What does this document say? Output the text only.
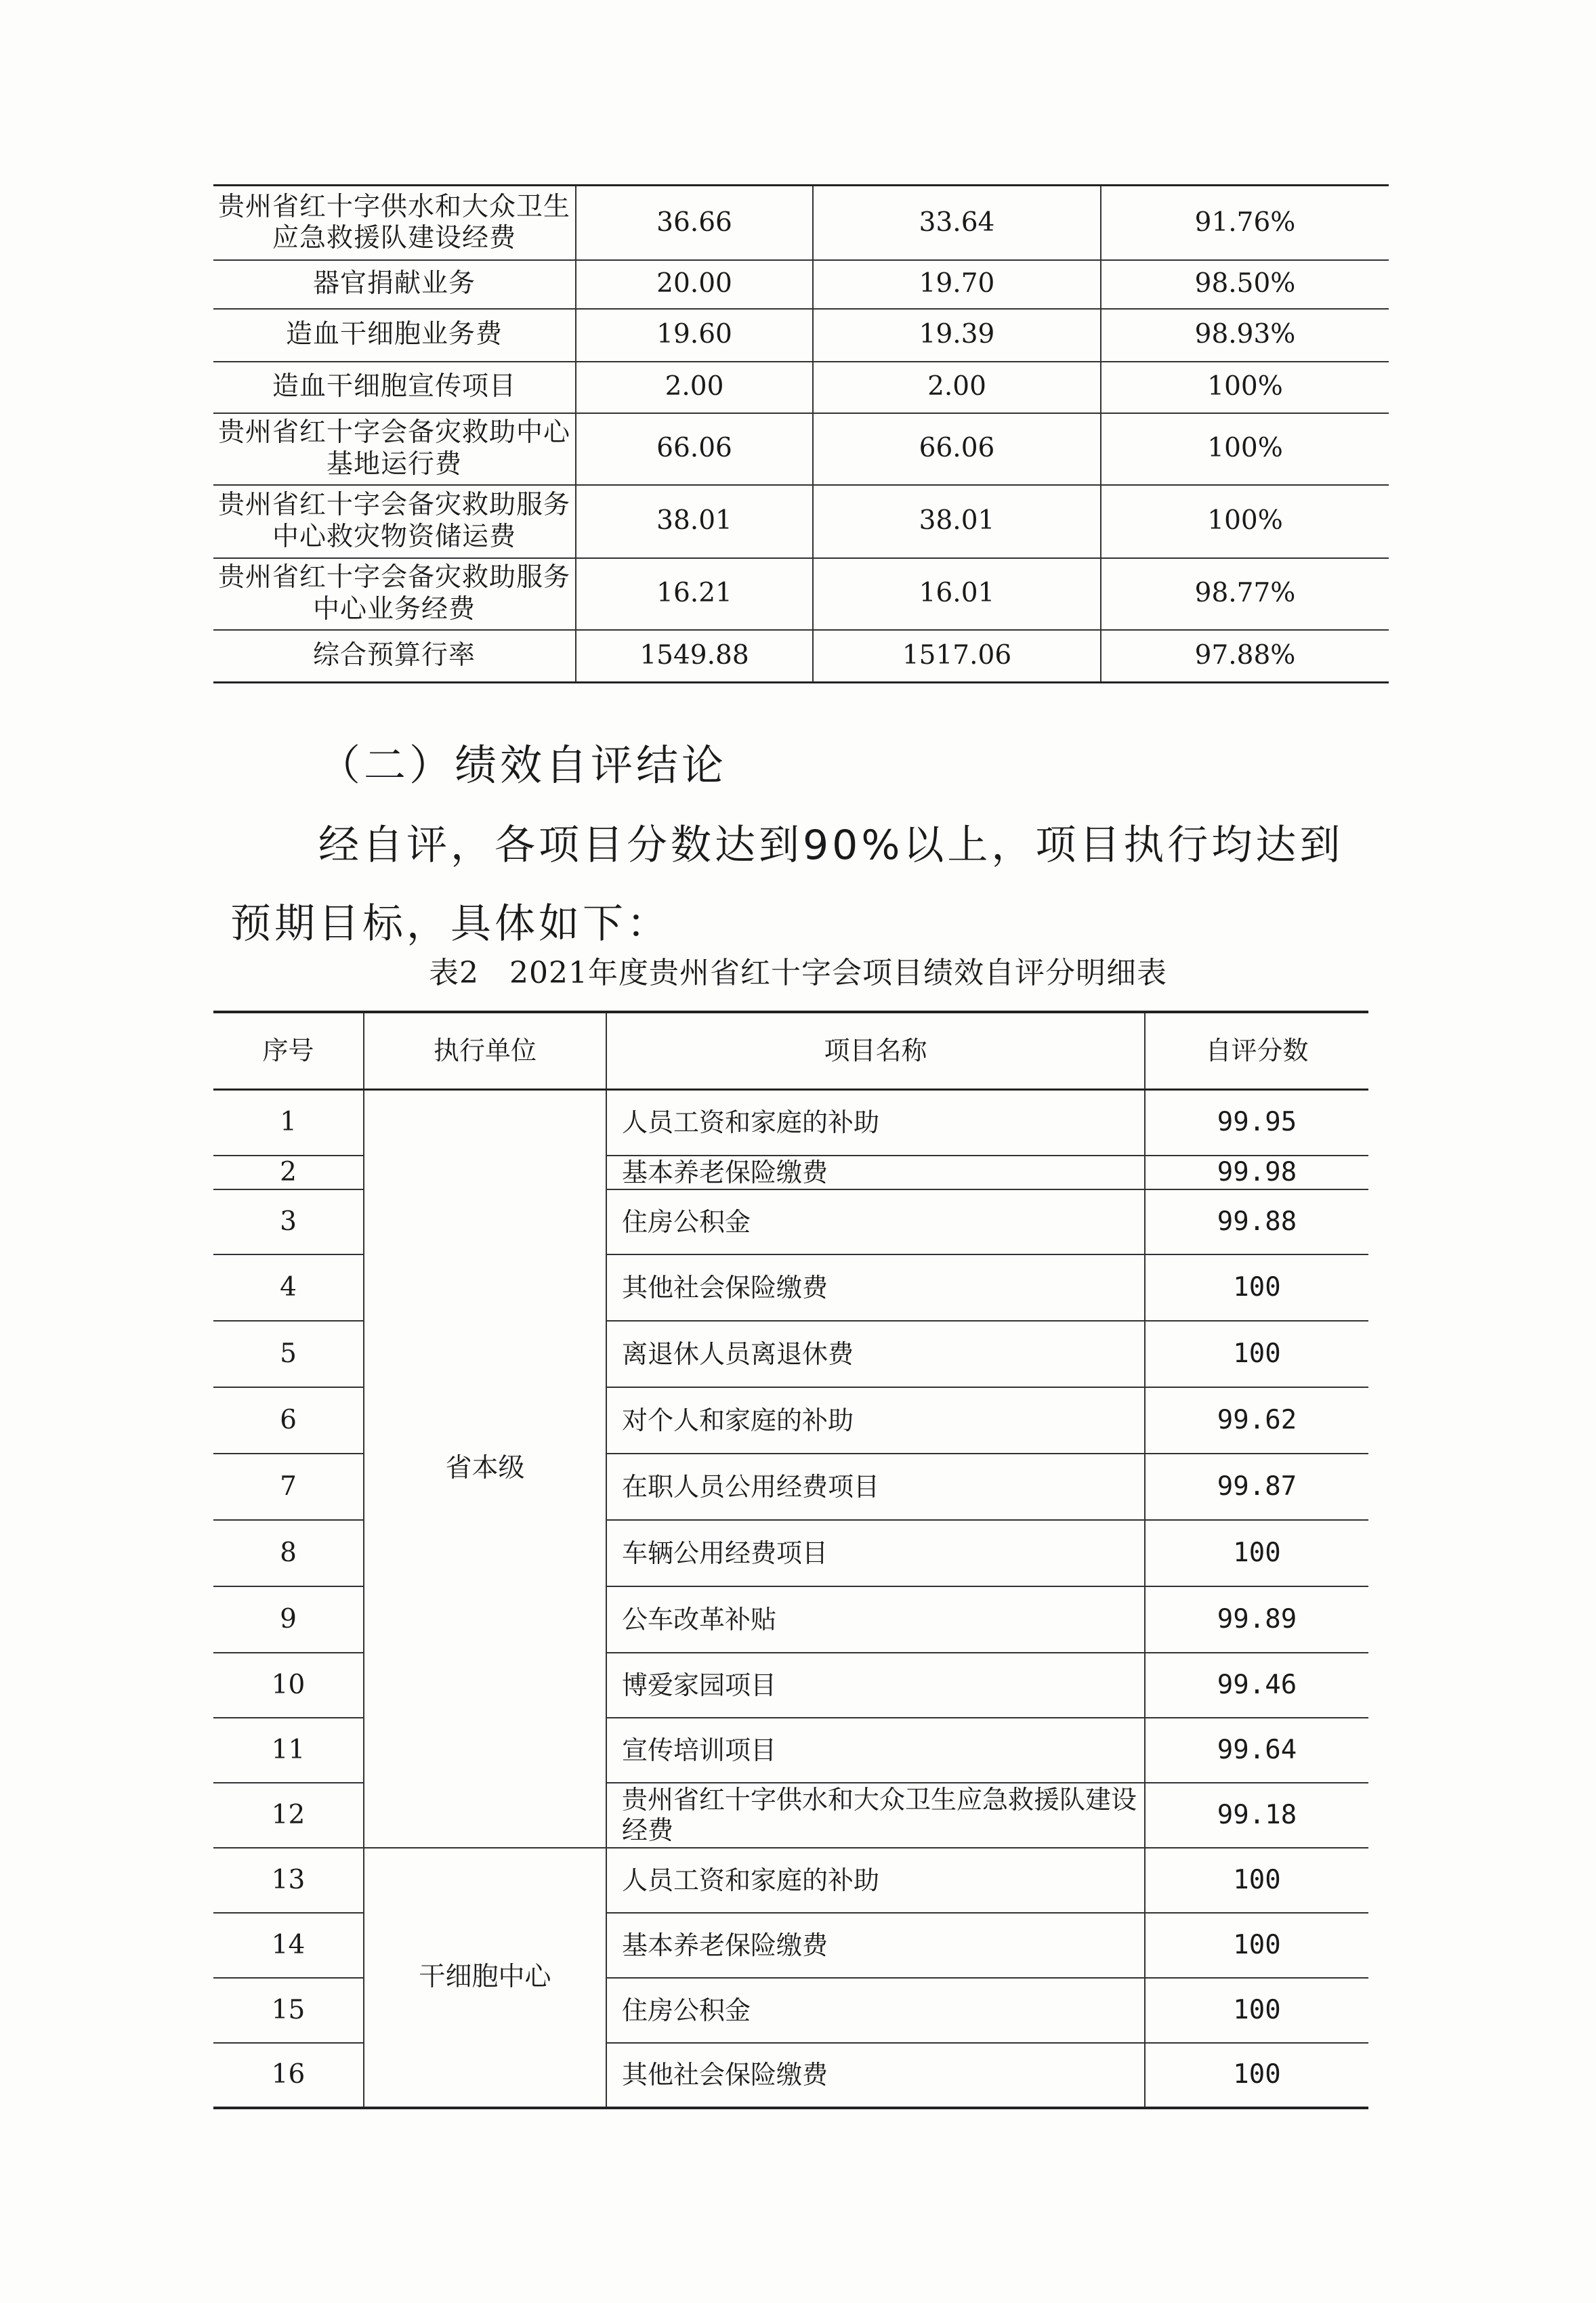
贵州省红十字供水和大众卫生应急救援队建设经费	36.66	33.64	91.76%
器官捐献业务	20.00	19.70	98.50%
造血干细胞业务费	19.60	19.39	98.93%
造血干细胞宣传项目	2.00	2.00	100%
贵州省红十字会备灾救助中心基地运行费	66.06	66.06	100%
贵州省红十字会备灾救助服务中心救灾物资储运费	38.01	38.01	100%
贵州省红十字会备灾救助服务中心业务经费	16.21	16.01	98.77%
综合预算行率	1549.88	1517.06	97.88%
（二）绩效自评结论

经自评，各项目分数达到90%以上，项目执行均达到预期目标，具体如下：

表2　2021年度贵州省红十字会项目绩效自评分明细表
序号	执行单位	项目名称	自评分数
1	省本级	人员工资和家庭的补助	99.95
2		基本养老保险缴费	99.98
3		住房公积金	99.88
4		其他社会保险缴费	100
5		离退休人员离退休费	100
6		对个人和家庭的补助	99.62
7		在职人员公用经费项目	99.87
8		车辆公用经费项目	100
9		公车改革补贴	99.89
10		博爱家园项目	99.46
11		宣传培训项目	99.64
12		贵州省红十字供水和大众卫生应急救援队建设经费	99.18
13	干细胞中心	人员工资和家庭的补助	100
14		基本养老保险缴费	100
15		住房公积金	100
16		其他社会保险缴费	100
